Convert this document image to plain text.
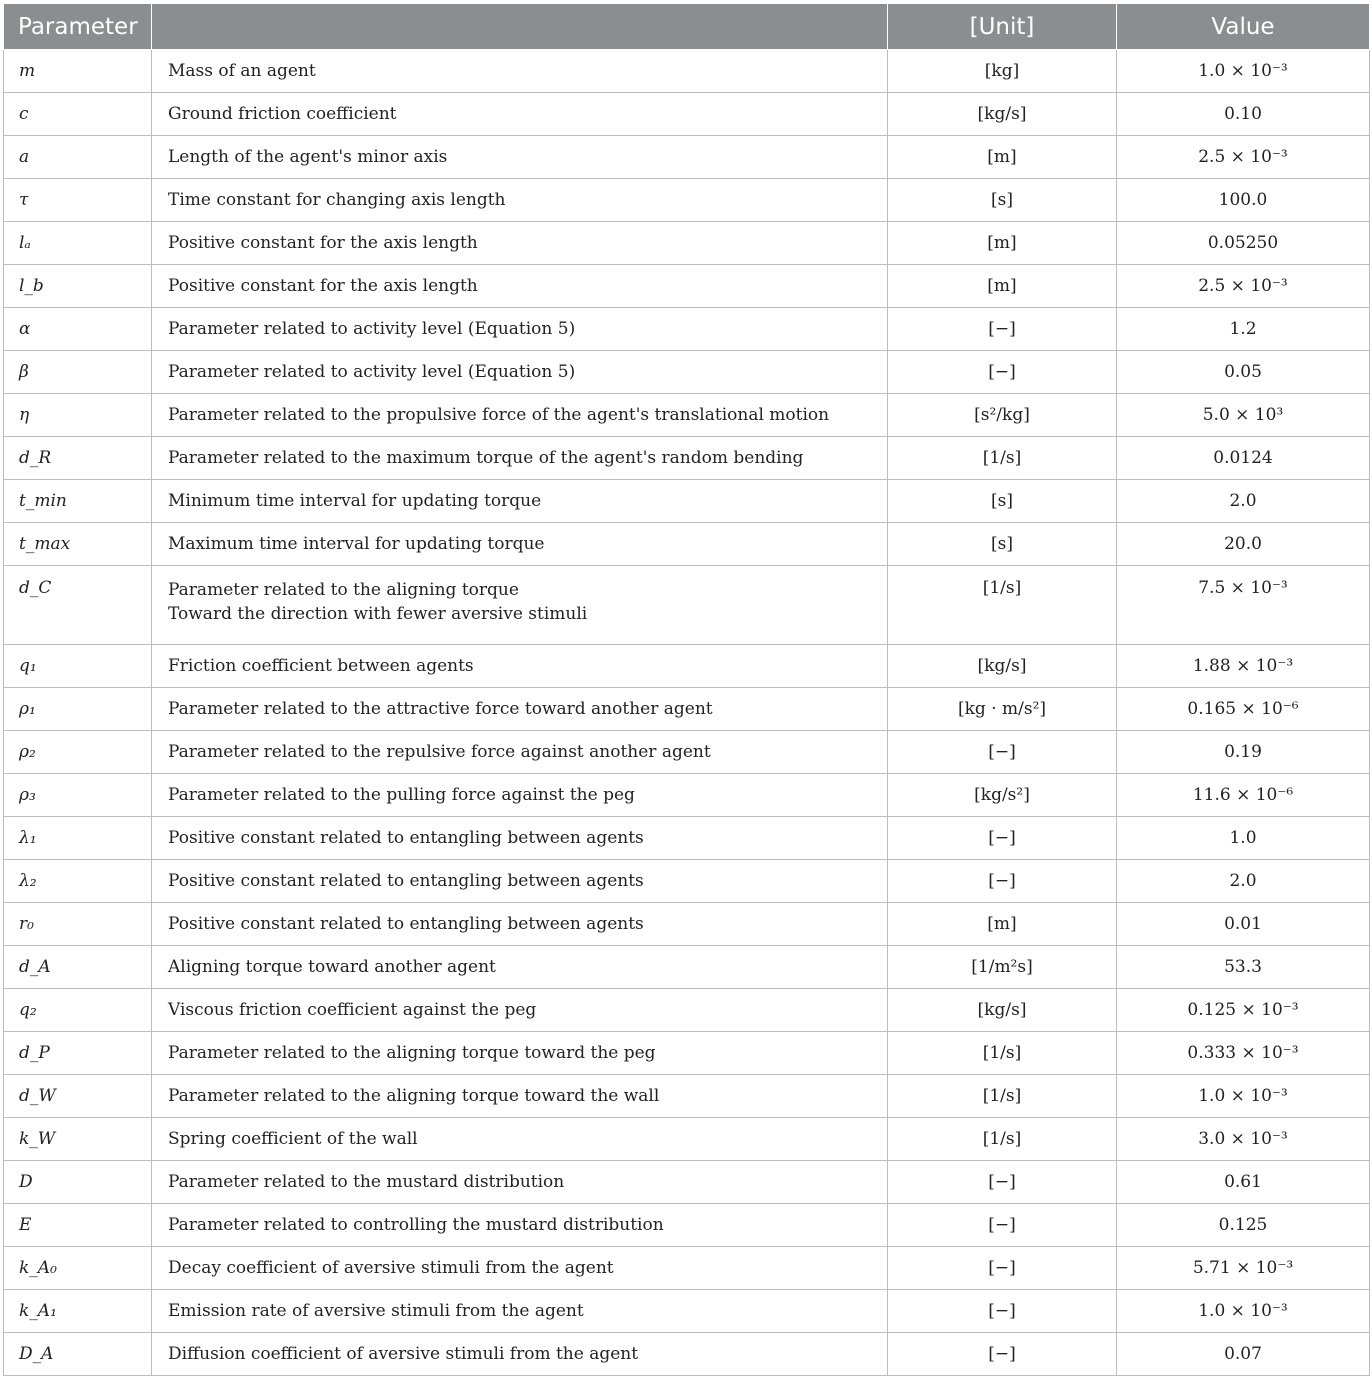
Parameter		[Unit]	Value
m	Mass of an agent	[kg]	1.0 × 10⁻³
c	Ground friction coefficient	[kg/s]	0.10
a	Length of the agent's minor axis	[m]	2.5 × 10⁻³
τ	Time constant for changing axis length	[s]	100.0
lₐ	Positive constant for the axis length	[m]	0.05250
l_b	Positive constant for the axis length	[m]	2.5 × 10⁻³
α	Parameter related to activity level (Equation 5)	[−]	1.2
β	Parameter related to activity level (Equation 5)	[−]	0.05
η	Parameter related to the propulsive force of the agent's translational motion	[s²/kg]	5.0 × 10³
d_R	Parameter related to the maximum torque of the agent's random bending	[1/s]	0.0124
t_min	Minimum time interval for updating torque	[s]	2.0
t_max	Maximum time interval for updating torque	[s]	20.0
d_C	Parameter related to the aligning torque
Toward the direction with fewer aversive stimuli	[1/s]	7.5 × 10⁻³
q₁	Friction coefficient between agents	[kg/s]	1.88 × 10⁻³
ρ₁	Parameter related to the attractive force toward another agent	[kg · m/s²]	0.165 × 10⁻⁶
ρ₂	Parameter related to the repulsive force against another agent	[−]	0.19
ρ₃	Parameter related to the pulling force against the peg	[kg/s²]	11.6 × 10⁻⁶
λ₁	Positive constant related to entangling between agents	[−]	1.0
λ₂	Positive constant related to entangling between agents	[−]	2.0
r₀	Positive constant related to entangling between agents	[m]	0.01
d_A	Aligning torque toward another agent	[1/m²s]	53.3
q₂	Viscous friction coefficient against the peg	[kg/s]	0.125 × 10⁻³
d_P	Parameter related to the aligning torque toward the peg	[1/s]	0.333 × 10⁻³
d_W	Parameter related to the aligning torque toward the wall	[1/s]	1.0 × 10⁻³
k_W	Spring coefficient of the wall	[1/s]	3.0 × 10⁻³
D	Parameter related to the mustard distribution	[−]	0.61
E	Parameter related to controlling the mustard distribution	[−]	0.125
k_A₀	Decay coefficient of aversive stimuli from the agent	[−]	5.71 × 10⁻³
k_A₁	Emission rate of aversive stimuli from the agent	[−]	1.0 × 10⁻³
D_A	Diffusion coefficient of aversive stimuli from the agent	[−]	0.07
